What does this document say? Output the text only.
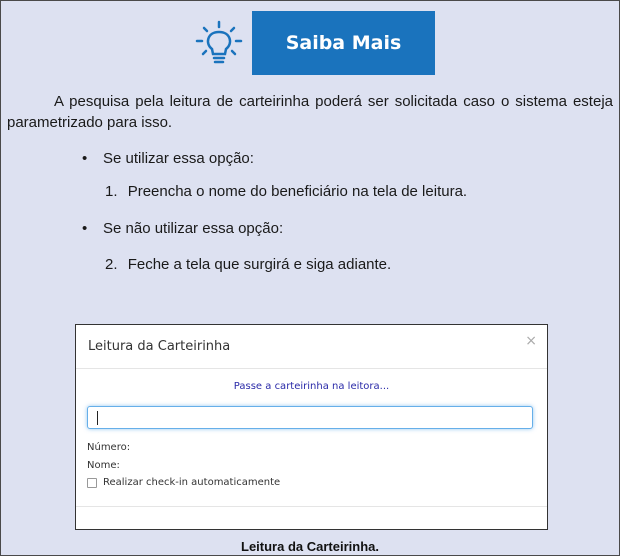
Saiba Mais

A pesquisa pela leitura de carteirinha poderá ser solicitada caso o sistema esteja parametrizado para isso.

• Se utilizar essa opção:
1. Preencha o nome do beneficiário na tela de leitura.
• Se não utilizar essa opção:
2. Feche a tela que surgirá e siga adiante.
Leitura da Carteirinha	×
Passe a carteirinha na leitora...
Número:
Nome:
Realizar check-in automaticamente
Leitura da Carteirinha.
